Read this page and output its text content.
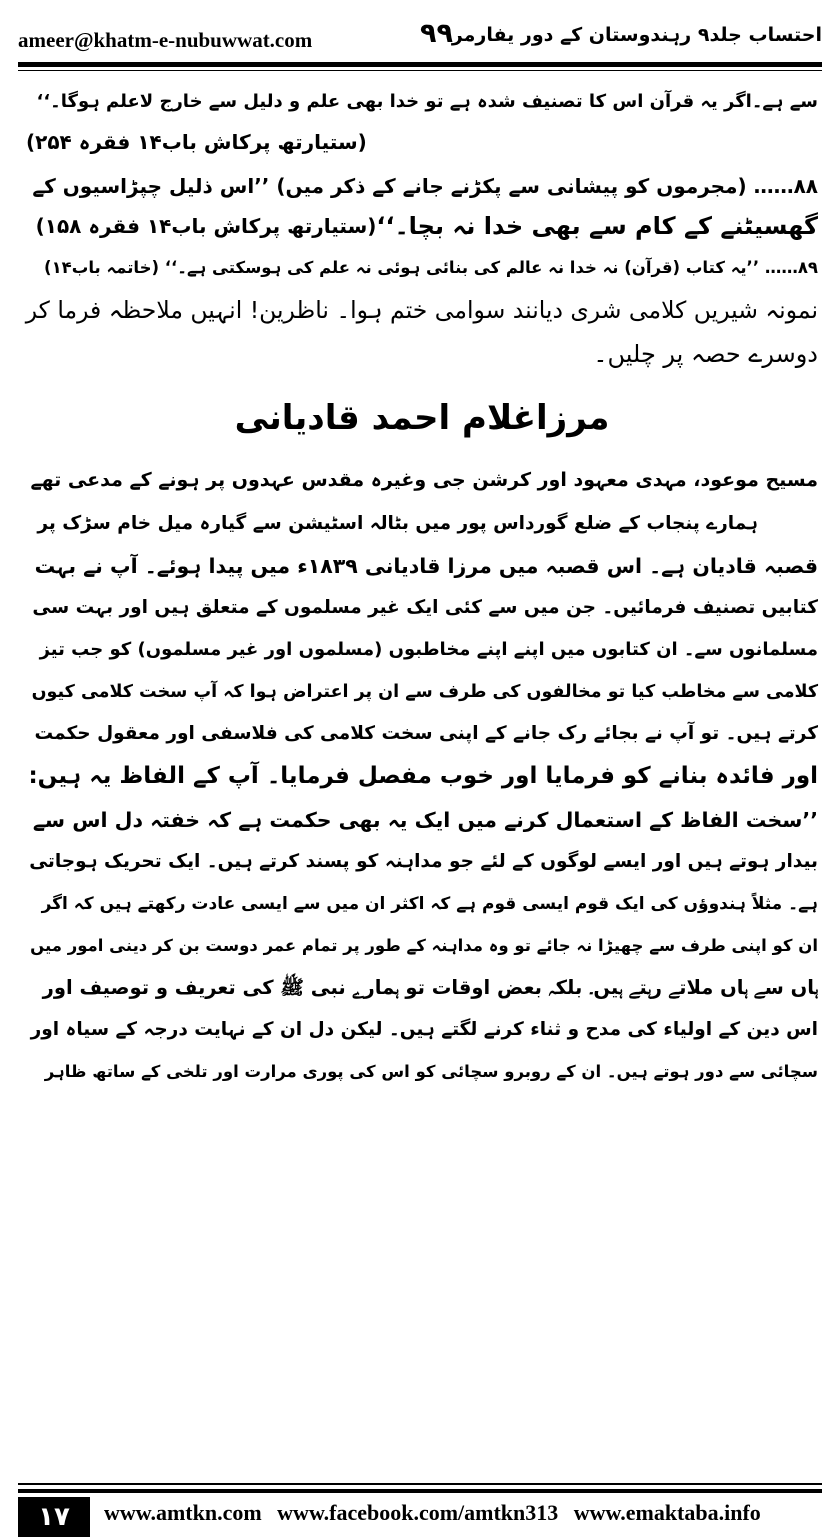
ameer@khatm-e-nubuwwat.com	۹۹
احتساب جلد۹ رہندوستان کے دور یفارمر
سے ہے۔اگر یہ قرآن اس کا تصنیف شدہ ہے تو خدا بھی علم و دلیل سے خارج لاعلم ہوگا۔‘‘
(ستیارتھ پرکاش باب۱۴ فقرہ ۲۵۴)
۸۸…… (مجرموں کو پیشانی سے پکڑنے جانے کے ذکر میں) ’’اس ذلیل چپڑاسیوں کے
گھسیٹنے کے کام سے بھی خدا نہ بچا۔‘‘
(ستیارتھ پرکاش باب۱۴ فقرہ ۱۵۸)
۸۹…… ’’یہ کتاب (قرآن) نہ خدا نہ عالم کی بنائی ہوئی نہ علم کی ہوسکتی ہے۔‘‘ (خاتمہ باب۱۴)
نمونہ شیریں کلامی شری دیانند سوامی ختم ہوا۔ ناظرین! انہیں ملاحظہ فرما کر
دوسرے حصہ پر چلیں۔
مرزاغلام احمد قادیانی
مسیح موعود، مہدی معہود اور کرشن جی وغیرہ مقدس عہدوں پر ہونے کے مدعی تھے
ہمارے پنجاب کے ضلع گورداس پور میں بٹالہ اسٹیشن سے گیارہ میل خام سڑک پر
قصبہ قادیان ہے۔ اس قصبہ میں مرزا قادیانی ۱۸۳۹ء میں پیدا ہوئے۔ آپ نے بہت
کتابیں تصنیف فرمائیں۔ جن میں سے کئی ایک غیر مسلموں کے متعلق ہیں اور بہت سی
مسلمانوں سے۔ ان کتابوں میں اپنے اپنے مخاطبوں (مسلموں اور غیر مسلموں) کو جب تیز
کلامی سے مخاطب کیا تو مخالفوں کی طرف سے ان پر اعتراض ہوا کہ آپ سخت کلامی کیوں
کرتے ہیں۔ تو آپ نے بجائے رک جانے کے اپنی سخت کلامی کی فلاسفی اور معقول حکمت
اور فائدہ بنانے کو فرمایا اور خوب مفصل فرمایا۔ آپ کے الفاظ یہ ہیں:
’’سخت الفاظ کے استعمال کرنے میں ایک یہ بھی حکمت ہے کہ خفتہ دل اس سے
بیدار ہوتے ہیں اور ایسے لوگوں کے لئے جو مداہنہ کو پسند کرتے ہیں۔ ایک تحریک ہوجاتی
ہے۔ مثلاً ہندوؤں کی ایک قوم ایسی قوم ہے کہ اکثر ان میں سے ایسی عادت رکھتے ہیں کہ اگر
ان کو اپنی طرف سے چھیڑا نہ جائے تو وہ مداہنہ کے طور پر تمام عمر دوست بن کر دینی امور میں
ہاں سے ہاں ملاتے رہتے ہیں۔ بلکہ بعض اوقات تو ہمارے نبی ﷺ کی تعریف و توصیف اور
اس دین کے اولیاء کی مدح و ثناء کرنے لگتے ہیں۔ لیکن دل ان کے نہایت درجہ کے سیاہ اور
سچائی سے دور ہوتے ہیں۔ ان کے روبرو سچائی کو اس کی پوری مرارت اور تلخی کے ساتھ ظاہر
۱۷	www.amtkn.com www.facebook.com/amtkn313 www.emaktaba.info
